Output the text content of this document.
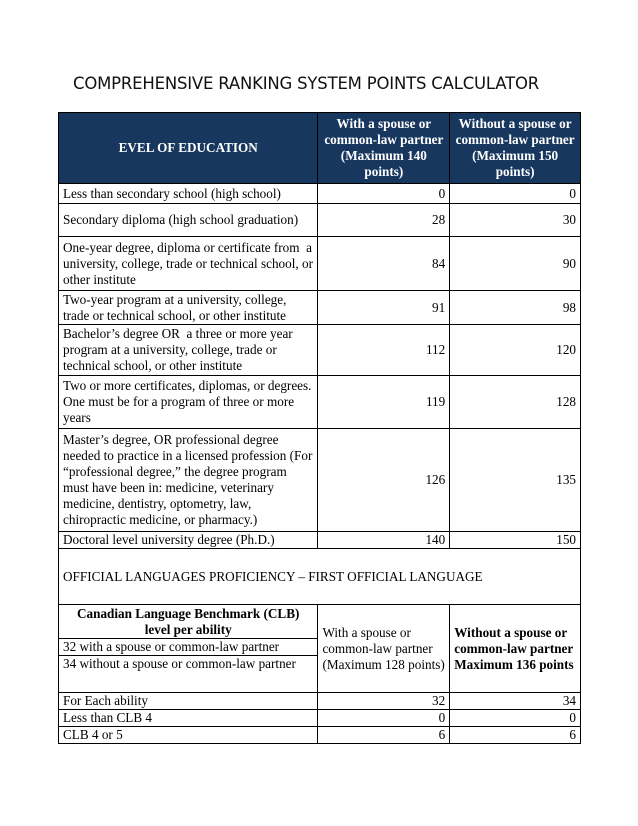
COMPREHENSIVE RANKING SYSTEM POINTS CALCULATOR
EVEL OF EDUCATION	With a spouse or common-law partner (Maximum 140 points)	Without a spouse or common-law partner (Maximum 150 points)
Less than secondary school (high school)	0	0
Secondary diploma (high school graduation)	28	30
One-year degree, diploma or certificate from  a university, college, trade or technical school, or other institute	84	90
Two-year program at a university, college, trade or technical school, or other institute	91	98
Bachelor’s degree OR  a three or more year program at a university, college, trade or technical school, or other institute	112	120
Two or more certificates, diplomas, or degrees. One must be for a program of three or more years	119	128
Master’s degree, OR professional degree needed to practice in a licensed profession (For “professional degree,” the degree program must have been in: medicine, veterinary medicine, dentistry, optometry, law, chiropractic medicine, or pharmacy.)	126	135
Doctoral level university degree (Ph.D.)	140	150
OFFICIAL LANGUAGES PROFICIENCY – FIRST OFFICIAL LANGUAGE		
Canadian Language Benchmark (CLB) level per ability	With a spouse or common-law partner (Maximum 128 points)	Without a spouse or common-law partner Maximum 136 points
32 with a spouse or common-law partner		
34 without a spouse or common-law partner		
For Each ability	32	34
Less than CLB 4	0	0
CLB 4 or 5	6	6
